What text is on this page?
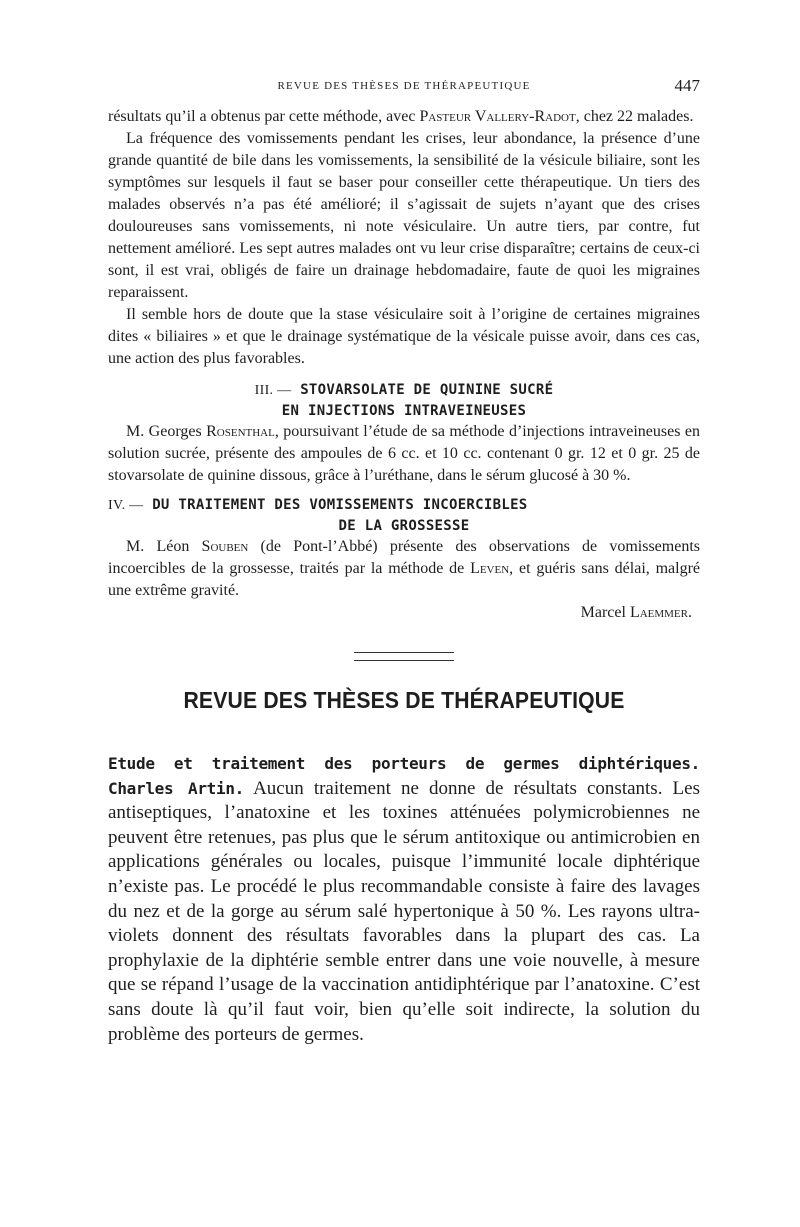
REVUE DES THÈSES DE THÉRAPEUTIQUE	447

résultats qu’il a obtenus par cette méthode, avec Pasteur Vallery-Radot, chez 22 malades.

La fréquence des vomissements pendant les crises, leur abondance, la présence d’une grande quantité de bile dans les vomissements, la sensibilité de la vésicule biliaire, sont les symptômes sur lesquels il faut se baser pour conseiller cette thérapeutique. Un tiers des malades observés n’a pas été amélioré; il s’agissait de sujets n’ayant que des crises douloureuses sans vomissements, ni note vésiculaire. Un autre tiers, par contre, fut nettement amélioré. Les sept autres malades ont vu leur crise disparaître; certains de ceux-ci sont, il est vrai, obligés de faire un drainage hebdomadaire, faute de quoi les migraines reparaissent.

Il semble hors de doute que la stase vésiculaire soit à l’origine de certaines migraines dites « biliaires » et que le drainage systématique de la vésicale puisse avoir, dans ces cas, une action des plus favorables.

III. — STOVARSOLATE DE QUININE SUCRÉ
EN INJECTIONS INTRAVEINEUSES

M. Georges Rosenthal, poursuivant l’étude de sa méthode d’injections intraveineuses en solution sucrée, présente des ampoules de 6 cc. et 10 cc. contenant 0 gr. 12 et 0 gr. 25 de stovarsolate de quinine dissous, grâce à l’uréthane, dans le sérum glucosé à 30 %.

IV. — DU TRAITEMENT DES VOMISSEMENTS INCOERCIBLES
DE LA GROSSESSE

M. Léon Souben (de Pont-l’Abbé) présente des observations de vomissements incoercibles de la grossesse, traités par la méthode de Leven, et guéris sans délai, malgré une extrême gravité.

Marcel Laemmer.
REVUE DES THÈSES DE THÉRAPEUTIQUE

Etude et traitement des porteurs de germes diphtériques. Charles Artin. Aucun traitement ne donne de résultats constants. Les antiseptiques, l’anatoxine et les toxines atténuées polymicrobiennes ne peuvent être retenues, pas plus que le sérum antitoxique ou antimicrobien en applications générales ou locales, puisque l’immunité locale diphtérique n’existe pas. Le procédé le plus recommandable consiste à faire des lavages du nez et de la gorge au sérum salé hypertonique à 50 %. Les rayons ultra-violets donnent des résultats favorables dans la plupart des cas. La prophylaxie de la diphtérie semble entrer dans une voie nouvelle, à mesure que se répand l’usage de la vaccination antidiphtérique par l’anatoxine. C’est sans doute là qu’il faut voir, bien qu’elle soit indirecte, la solution du problème des porteurs de germes.
